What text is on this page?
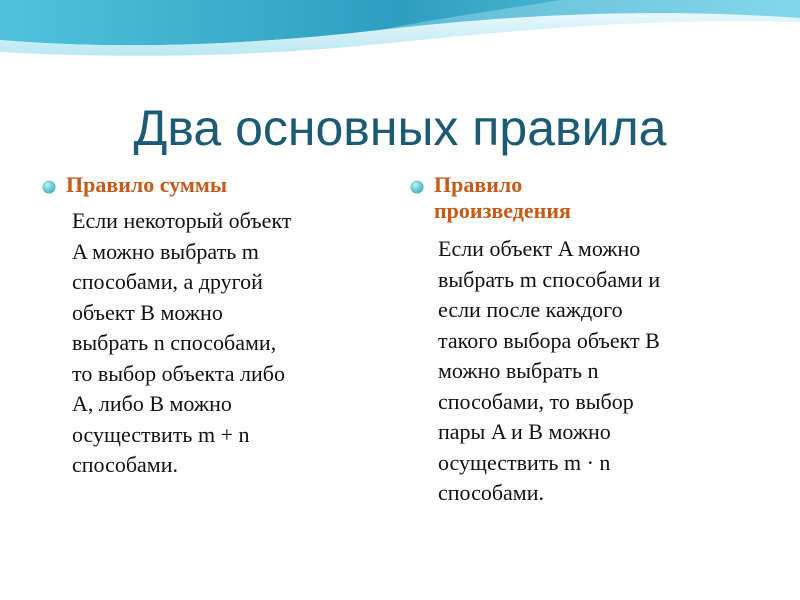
Два основных правила
Правило суммы
Если некоторый объект
A можно выбрать m
способами, а другой
объект B можно
выбрать n способами,
то выбор объекта либо
A, либо B можно
осуществить m + n
способами.
Правило
произведения
Если объект A можно
выбрать m способами и
если после каждого
такого выбора объект B
можно выбрать n
способами, то выбор
пары A и B можно
осуществить m · n
способами.
